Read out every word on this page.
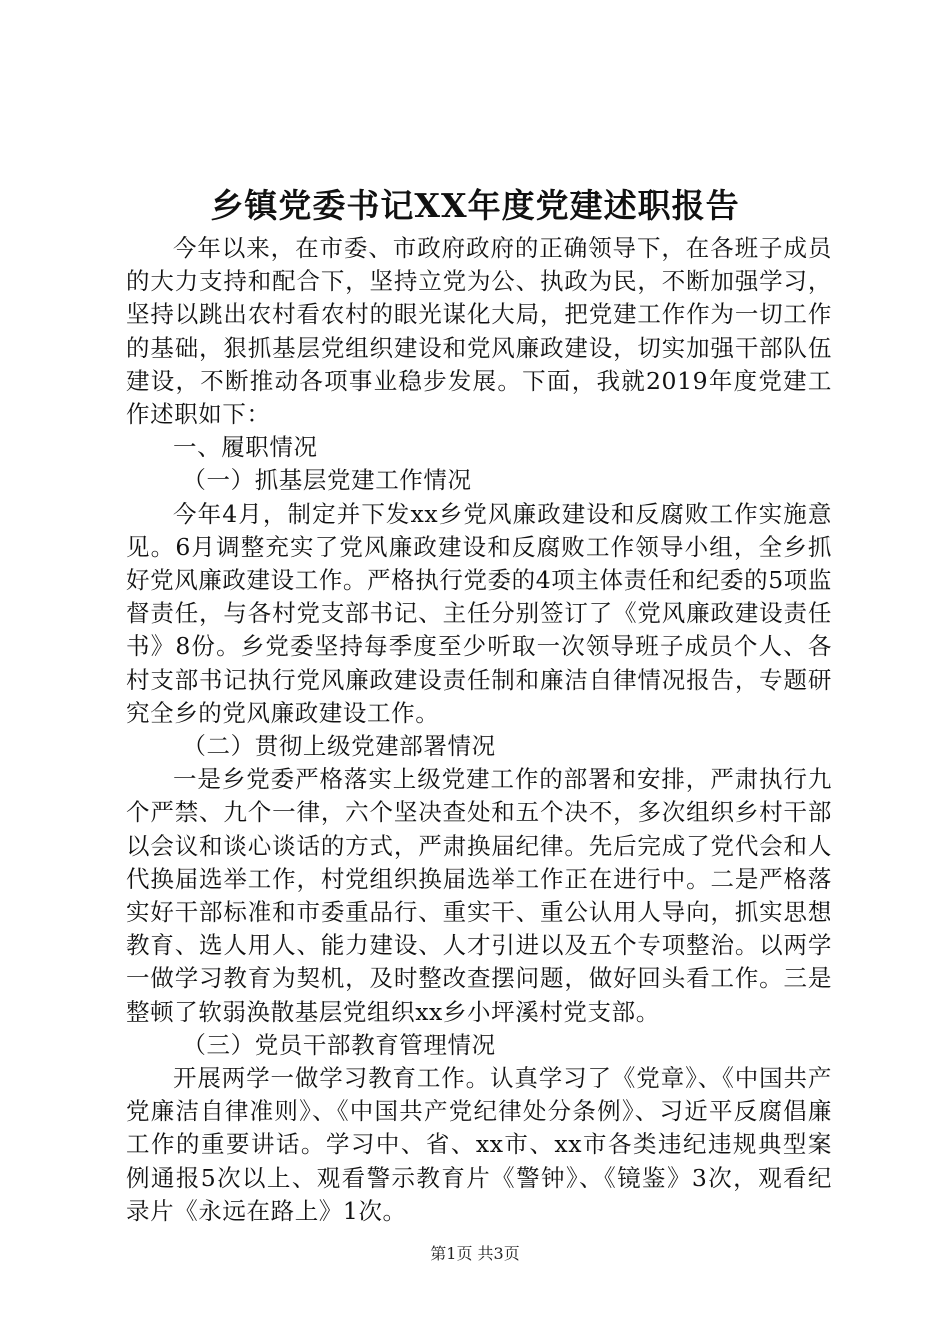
乡镇党委书记XX年度党建述职报告

今年以来，在市委、市政府政府的正确领导下，在各班子成员的大力支持和配合下，坚持立党为公、执政为民，不断加强学习，坚持以跳出农村看农村的眼光谋化大局，把党建工作作为一切工作的基础，狠抓基层党组织建设和党风廉政建设，切实加强干部队伍建设，不断推动各项事业稳步发展。下面，我就2019年度党建工作述职如下：

一、履职情况

（一）抓基层党建工作情况

今年4月，制定并下发xx乡党风廉政建设和反腐败工作实施意见。6月调整充实了党风廉政建设和反腐败工作领导小组，全乡抓好党风廉政建设工作。严格执行党委的4项主体责任和纪委的5项监督责任，与各村党支部书记、主任分别签订了《党风廉政建设责任书》8份。乡党委坚持每季度至少听取一次领导班子成员个人、各村支部书记执行党风廉政建设责任制和廉洁自律情况报告，专题研究全乡的党风廉政建设工作。

（二）贯彻上级党建部署情况

一是乡党委严格落实上级党建工作的部署和安排，严肃执行九个严禁、九个一律，六个坚决查处和五个决不，多次组织乡村干部以会议和谈心谈话的方式，严肃换届纪律。先后完成了党代会和人代换届选举工作，村党组织换届选举工作正在进行中。二是严格落实好干部标准和市委重品行、重实干、重公认用人导向，抓实思想教育、选人用人、能力建设、人才引进以及五个专项整治。以两学一做学习教育为契机，及时整改查摆问题，做好回头看工作。三是整顿了软弱涣散基层党组织xx乡小坪溪村党支部。

（三）党员干部教育管理情况

开展两学一做学习教育工作。认真学习了《党章》、《中国共产党廉洁自律准则》、《中国共产党纪律处分条例》、习近平反腐倡廉工作的重要讲话。学习中、省、xx市、xx市各类违纪违规典型案例通报5次以上、观看警示教育片《警钟》、《镜鉴》3次，观看纪录片《永远在路上》1次。

第1页 共3页
